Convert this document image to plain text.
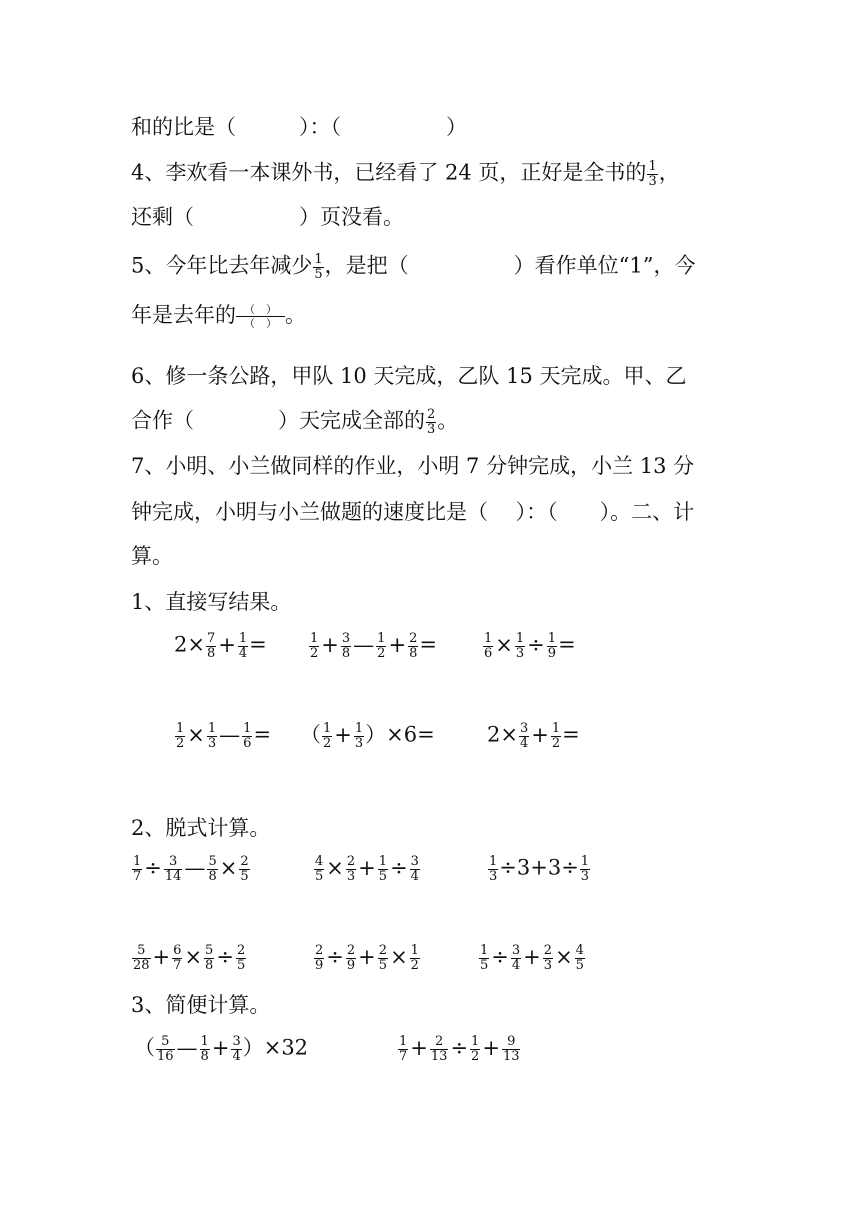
和的比是（　　　）：（　　　　　）
4、李欢看一本课外书，已经看了 24 页，正好是全书的 $\frac{1}{3}$ ，
还剩（　　　　　）页没看。
5、今年比去年减少 $\frac{1}{5}$ ，是把（　　　　　）看作单位“1”，今
年是去年的 $\frac{( )}{( )}$ 。
6、修一条公路，甲队 10 天完成，乙队 15 天完成。甲、乙
合作（　　　　）天完成全部的 $\frac{2}{3}$ 。
7、小明、小兰做同样的作业，小明 7 分钟完成，小兰 13 分
钟完成，小明与小兰做题的速度比是（　 ）：（　　）。二、计
算。
1、直接写结果。
$2\times \frac{7}{8} + \frac{1}{4}$ =	$\frac{1}{2} + \frac{3}{8}$ — $\frac{1}{2} + \frac{2}{8}$ =	$\frac{1}{6} \times \frac{1}{3} \div \frac{1}{9}$ =
$\frac{1}{2} \times \frac{1}{3}$ — $\frac{1}{6}$ = （ $\frac{1}{2} + \frac{1}{3} )\times 6= 2\times \frac{3}{4} + \frac{1}{2}$ =
2、脱式计算。
$\frac{1}{7} \div \frac{3}{14}$ — $\frac{5}{8} \times \frac{2}{5}$	$\frac{4}{5} \times \frac{2}{3} + \frac{1}{5} \div \frac{3}{4}$	$\frac{1}{3} \div 3+3\div \frac{1}{3}$
$\frac{5}{28} + \frac{6}{7} \times \frac{5}{8} \div \frac{2}{5}$	$\frac{2}{9} \div \frac{2}{9} + \frac{2}{5} \times \frac{1}{2}$	$\frac{1}{5} \div \frac{3}{4} + \frac{2}{3} \times \frac{4}{5}$
3、简便计算。
（ $\frac{5}{16}$ — $\frac{1}{8} + \frac{3}{4} )\times 32$	$\frac{1}{7} + \frac{2}{13} \div \frac{1}{2} + \frac{9}{13}$
